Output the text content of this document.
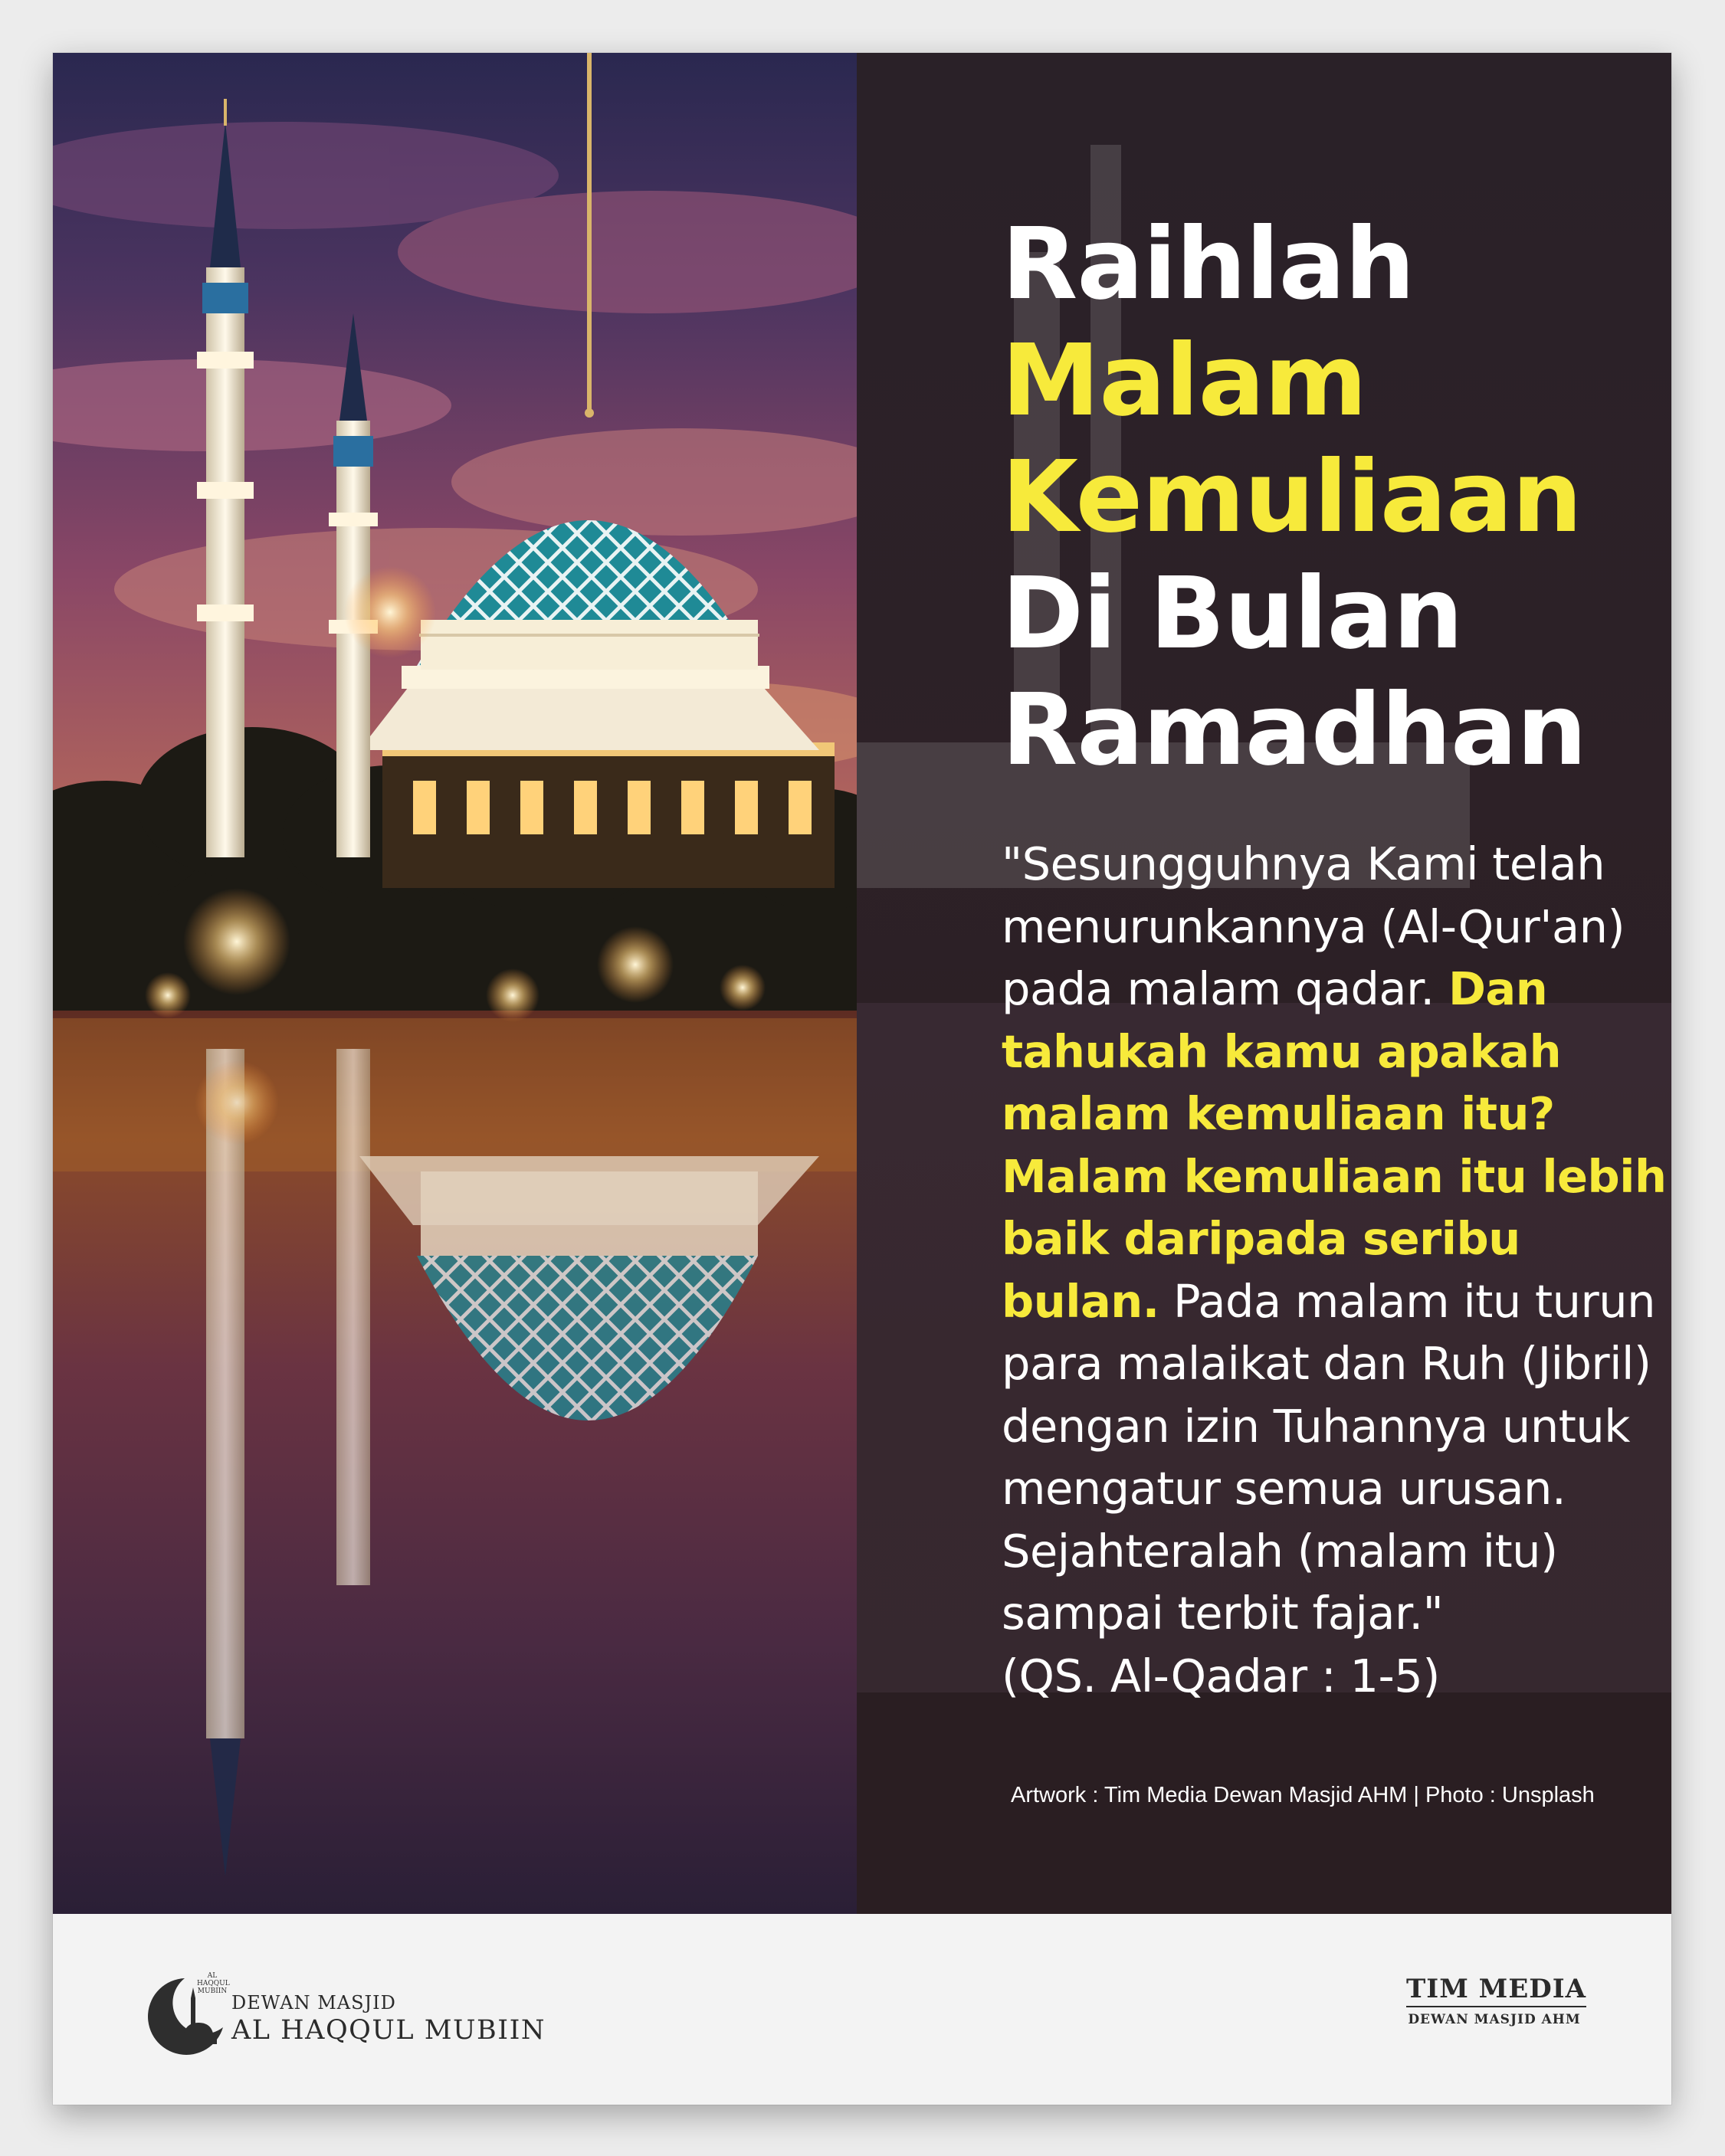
Raihlah
Malam
Kemuliaan
Di Bulan
Ramadhan

"Sesungguhnya Kami telah menurunkannya (Al-Qur'an) pada malam qadar. Dan tahukah kamu apakah malam kemuliaan itu? Malam kemuliaan itu lebih baik daripada seribu bulan. Pada malam itu turun para malaikat dan Ruh (Jibril) dengan izin Tuhannya untuk mengatur semua urusan. Sejahteralah (malam itu) sampai terbit fajar."
(QS. Al-Qadar : 1-5)

Artwork : Tim Media Dewan Masjid AHM | Photo : Unsplash
AL HAQQUL MUBIIN
DEWAN MASJID
AL HAQQUL MUBIIN
TIM MEDIA
DEWAN MASJID AHM
